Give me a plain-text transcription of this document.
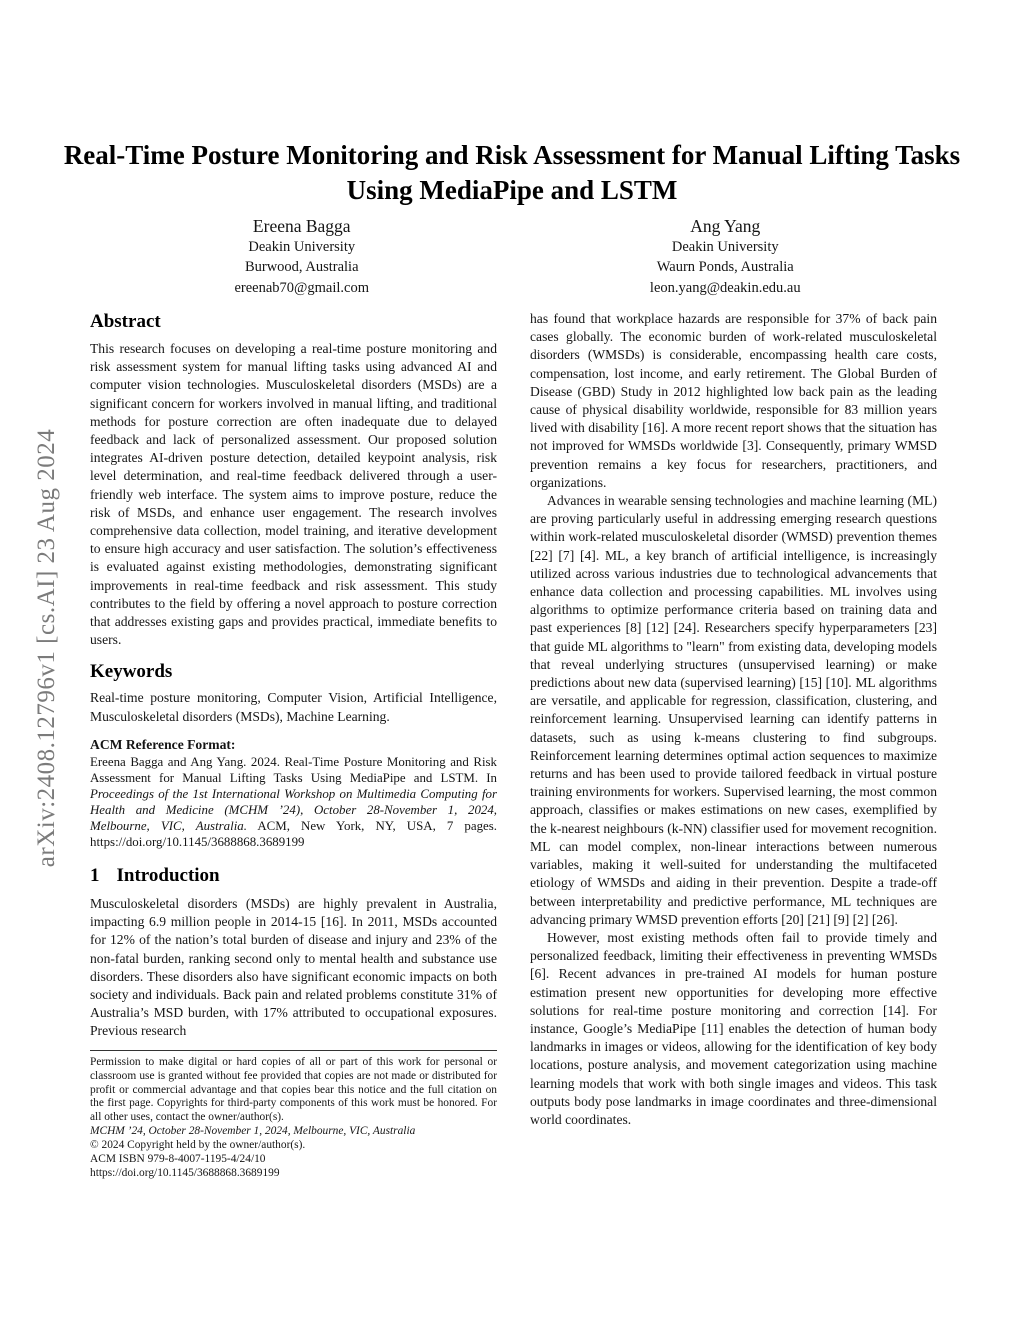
arXiv:2408.12796v1 [cs.AI] 23 Aug 2024
Real-Time Posture Monitoring and Risk Assessment for Manual Lifting Tasks Using MediaPipe and LSTM
Ereena Bagga
Deakin University
Burwood, Australia
ereenab70@gmail.com
Ang Yang
Deakin University
Waurn Ponds, Australia
leon.yang@deakin.edu.au
Abstract

This research focuses on developing a real-time posture monitoring and risk assessment system for manual lifting tasks using advanced AI and computer vision technologies. Musculoskeletal disorders (MSDs) are a significant concern for workers involved in manual lifting, and traditional methods for posture correction are often inadequate due to delayed feedback and lack of personalized assessment. Our proposed solution integrates AI-driven posture detection, detailed keypoint analysis, risk level determination, and real-time feedback delivered through a user-friendly web interface. The system aims to improve posture, reduce the risk of MSDs, and enhance user engagement. The research involves comprehensive data collection, model training, and iterative development to ensure high accuracy and user satisfaction. The solution’s effectiveness is evaluated against existing methodologies, demonstrating significant improvements in real-time feedback and risk assessment. This study contributes to the field by offering a novel approach to posture correction that addresses existing gaps and provides practical, immediate benefits to users.

Keywords

Real-time posture monitoring, Computer Vision, Artificial Intelligence, Musculoskeletal disorders (MSDs), Machine Learning.

ACM Reference Format:

Ereena Bagga and Ang Yang. 2024. Real-Time Posture Monitoring and Risk Assessment for Manual Lifting Tasks Using MediaPipe and LSTM. In Proceedings of the 1st International Workshop on Multimedia Computing for Health and Medicine (MCHM ’24), October 28-November 1, 2024, Melbourne, VIC, Australia. ACM, New York, NY, USA, 7 pages. https://doi.org/10.1145/3688868.3689199

1 Introduction

Musculoskeletal disorders (MSDs) are highly prevalent in Australia, impacting 6.9 million people in 2014-15 [16]. In 2011, MSDs accounted for 12% of the nation’s total burden of disease and injury and 23% of the non-fatal burden, ranking second only to mental health and substance use disorders. These disorders also have significant economic impacts on both society and individuals. Back pain and related problems constitute 31% of Australia’s MSD burden, with 17% attributed to occupational exposures. Previous research

Permission to make digital or hard copies of all or part of this work for personal or classroom use is granted without fee provided that copies are not made or distributed for profit or commercial advantage and that copies bear this notice and the full citation on the first page. Copyrights for third-party components of this work must be honored. For all other uses, contact the owner/author(s).

MCHM ’24, October 28-November 1, 2024, Melbourne, VIC, Australia
© 2024 Copyright held by the owner/author(s).
ACM ISBN 979-8-4007-1195-4/24/10
https://doi.org/10.1145/3688868.3689199

has found that workplace hazards are responsible for 37% of back pain cases globally. The economic burden of work-related musculoskeletal disorders (WMSDs) is considerable, encompassing health care costs, compensation, lost income, and early retirement. The Global Burden of Disease (GBD) Study in 2012 highlighted low back pain as the leading cause of physical disability worldwide, responsible for 83 million years lived with disability [16]. A more recent report shows that the situation has not improved for WMSDs worldwide [3]. Consequently, primary WMSD prevention remains a key focus for researchers, practitioners, and organizations.

Advances in wearable sensing technologies and machine learning (ML) are proving particularly useful in addressing emerging research questions within work-related musculoskeletal disorder (WMSD) prevention themes [22] [7] [4]. ML, a key branch of artificial intelligence, is increasingly utilized across various industries due to technological advancements that enhance data collection and processing capabilities. ML involves using algorithms to optimize performance criteria based on training data and past experiences [8] [12] [24]. Researchers specify hyperparameters [23] that guide ML algorithms to "learn" from existing data, developing models that reveal underlying structures (unsupervised learning) or make predictions about new data (supervised learning) [15] [10]. ML algorithms are versatile, and applicable for regression, classification, clustering, and reinforcement learning. Unsupervised learning can identify patterns in datasets, such as using k-means clustering to find subgroups. Reinforcement learning determines optimal action sequences to maximize returns and has been used to provide tailored feedback in virtual posture training environments for workers. Supervised learning, the most common approach, classifies or makes estimations on new cases, exemplified by the k-nearest neighbours (k-NN) classifier used for movement recognition. ML can model complex, non-linear interactions between numerous variables, making it well-suited for understanding the multifaceted etiology of WMSDs and aiding in their prevention. Despite a trade-off between interpretability and predictive performance, ML techniques are advancing primary WMSD prevention efforts [20] [21] [9] [2] [26].

However, most existing methods often fail to provide timely and personalized feedback, limiting their effectiveness in preventing WMSDs [6]. Recent advances in pre-trained AI models for human posture estimation present new opportunities for developing more effective solutions for real-time posture monitoring and correction [14]. For instance, Google’s MediaPipe [11] enables the detection of human body landmarks in images or videos, allowing for the identification of key body locations, posture analysis, and movement categorization using machine learning models that work with both single images and videos. This task outputs body pose landmarks in image coordinates and three-dimensional world coordinates.
